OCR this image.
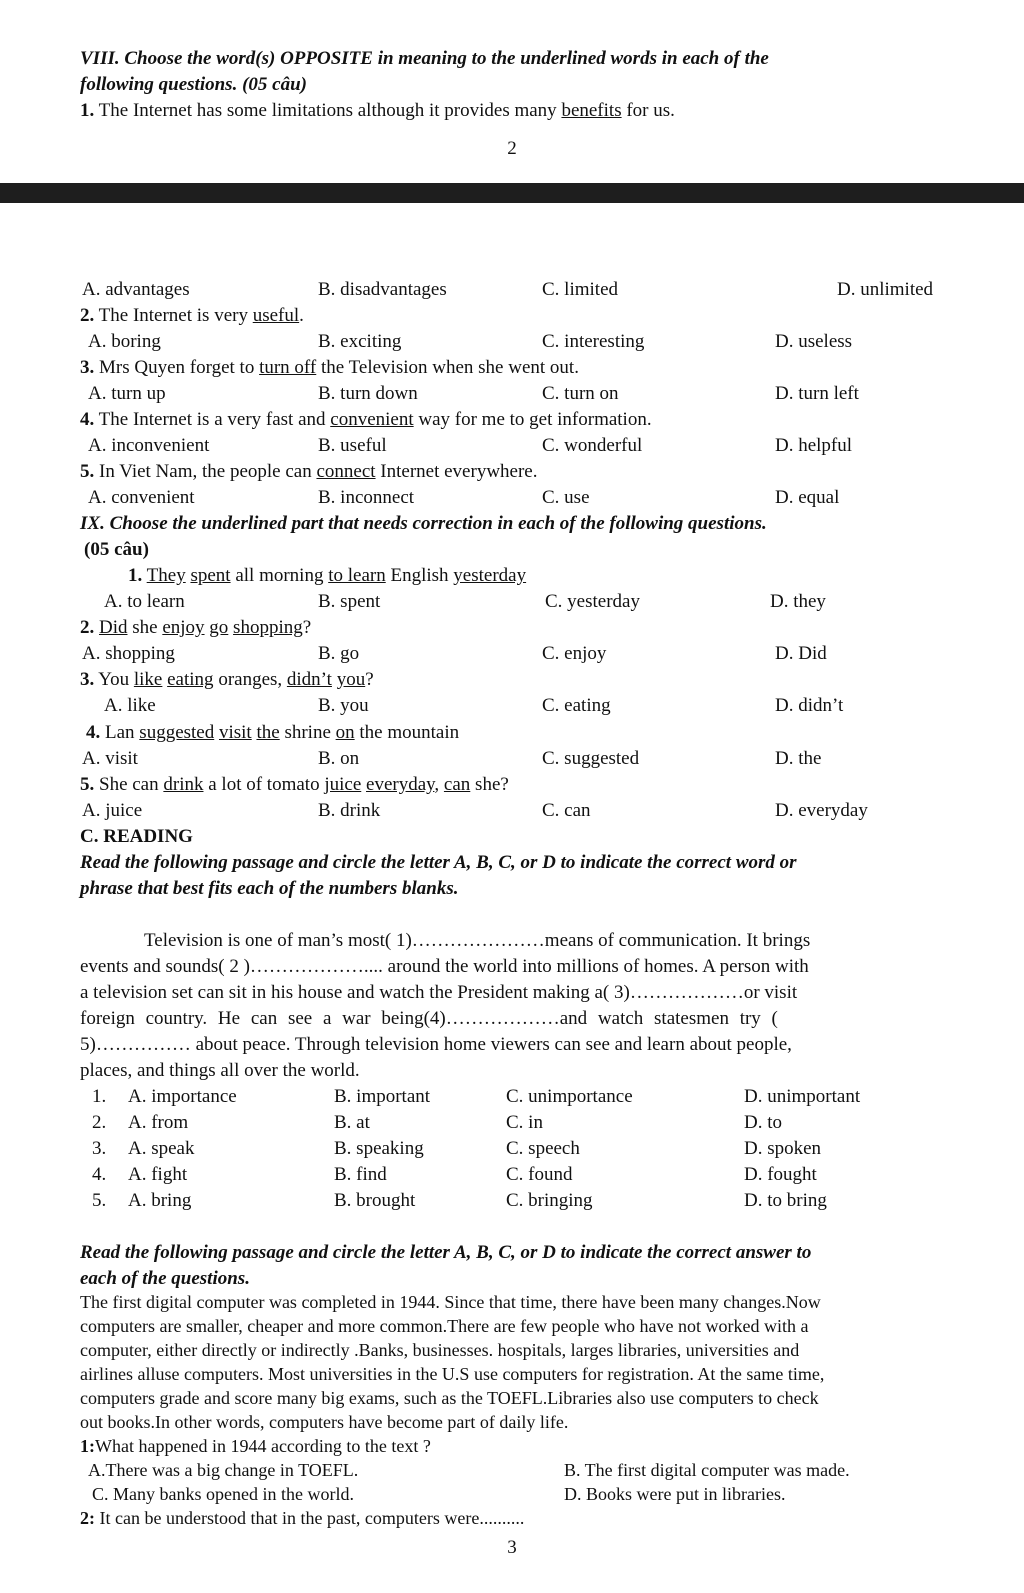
VIII. Choose the word(s) OPPOSITE in meaning to the underlined words in each of the
following questions. (05 câu)
1. The Internet has some limitations although it provides many benefits for us.
2
A. advantages	B. disadvantages	C. limited	D. unlimited
2. The Internet is very useful.
A. boring	B. exciting	C. interesting	D. useless
3. Mrs Quyen forget to turn off the Television when she went out.
A. turn up	B. turn down	C. turn on	D. turn left
4. The Internet is a very fast and convenient way for me to get information.
A. inconvenient	B. useful	C. wonderful	D. helpful
5. In Viet Nam, the people can connect Internet everywhere.
A. convenient	B. inconnect	C. use	D. equal
IX. Choose the underlined part that needs correction in each of the following questions.
(05 câu)
1. They spent all morning to learn English yesterday
A. to learn	B. spent	C. yesterday	D. they
2. Did she enjoy go shopping?
A. shopping	B. go	C. enjoy	D. Did
3. You like eating oranges, didn’t you?
A. like	B. you	C. eating	D. didn’t
4. Lan suggested visit the shrine on the mountain
A. visit	B. on	C. suggested	D. the
5. She can drink a lot of tomato juice everyday, can she?
A. juice	B. drink	C. can	D. everyday
C. READING
Read the following passage and circle the letter A, B, C, or D to indicate the correct word or
phrase that best fits each of the numbers blanks.
Television is one of man’s most( 1)…………………means of communication. It brings
events and sounds( 2 )……………….... around the world into millions of homes. A person with
a television set can sit in his house and watch the President making a( 3)………………or visit
foreign country. He can see a war being(4)………………and watch statesmen try (
5)…………… about peace. Through television home viewers can see and learn about people,
places, and things all over the world.
1. A. importance	B. important	C. unimportance	D. unimportant
2. A. from	B. at	C. in	D. to
3. A. speak	B. speaking	C. speech	D. spoken
4. A. fight	B. find	C. found	D. fought
5. A. bring	B. brought	C. bringing	D. to bring
Read the following passage and circle the letter A, B, C, or D to indicate the correct answer to
each of the questions.
The first digital computer was completed in 1944. Since that time, there have been many changes.Now
computers are smaller, cheaper and more common.There are few people who have not worked with a
computer, either directly or indirectly .Banks, businesses. hospitals, larges libraries, universities and
airlines alluse computers. Most universities in the U.S use computers for registration. At the same time,
computers grade and score many big exams, such as the TOEFL.Libraries also use computers to check
out books.In other words, computers have become part of daily life.
1:What happened in 1944 according to the text ?
A.There was a big change in TOEFL.	B. The first digital computer was made.
C. Many banks opened in the world.	D. Books were put in libraries.
2: It can be understood that in the past, computers were..........
3
